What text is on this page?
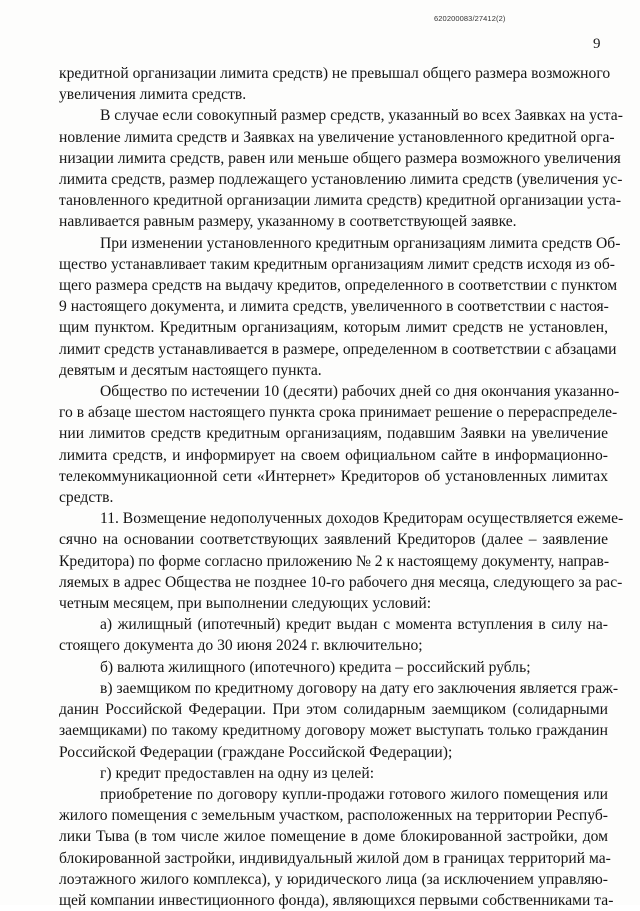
620200083/27412(2)
9
кредитной организации лимита средств) не превышал общего размера возможного
увеличения лимита средств.
В случае если совокупный размер средств, указанный во всех Заявках на уста-
новление лимита средств и Заявках на увеличение установленного кредитной орга-
низации лимита средств, равен или меньше общего размера возможного увеличения
лимита средств, размер подлежащего установлению лимита средств (увеличения ус-
тановленного кредитной организации лимита средств) кредитной организации уста-
навливается равным размеру, указанному в соответствующей заявке.
При изменении установленного кредитным организациям лимита средств Об-
щество устанавливает таким кредитным организациям лимит средств исходя из об-
щего размера средств на выдачу кредитов, определенного в соответствии с пунктом
9 настоящего документа, и лимита средств, увеличенного в соответствии с настоя-
щим пунктом. Кредитным организациям, которым лимит средств не установлен,
лимит средств устанавливается в размере, определенном в соответствии с абзацами
девятым и десятым настоящего пункта.
Общество по истечении 10 (десяти) рабочих дней со дня окончания указанно-
го в абзаце шестом настоящего пункта срока принимает решение о перераспределе-
нии лимитов средств кредитным организациям, подавшим Заявки на увеличение
лимита средств, и информирует на своем официальном сайте в информационно-
телекоммуникационной сети «Интернет» Кредиторов об установленных лимитах
средств.
11. Возмещение недополученных доходов Кредиторам осуществляется ежеме-
сячно на основании соответствующих заявлений Кредиторов (далее – заявление
Кредитора) по форме согласно приложению № 2 к настоящему документу, направ-
ляемых в адрес Общества не позднее 10-го рабочего дня месяца, следующего за рас-
четным месяцем, при выполнении следующих условий:
а) жилищный (ипотечный) кредит выдан с момента вступления в силу на-
стоящего документа до 30 июня 2024 г. включительно;
б) валюта жилищного (ипотечного) кредита – российский рубль;
в) заемщиком по кредитному договору на дату его заключения является граж-
данин Российской Федерации. При этом солидарным заемщиком (солидарными
заемщиками) по такому кредитному договору может выступать только гражданин
Российской Федерации (граждане Российской Федерации);
г) кредит предоставлен на одну из целей:
приобретение по договору купли-продажи готового жилого помещения или
жилого помещения с земельным участком, расположенных на территории Респуб-
лики Тыва (в том числе жилое помещение в доме блокированной застройки, дом
блокированной застройки, индивидуальный жилой дом в границах территорий ма-
лоэтажного жилого комплекса), у юридического лица (за исключением управляю-
щей компании инвестиционного фонда), являющихся первыми собственниками та-
